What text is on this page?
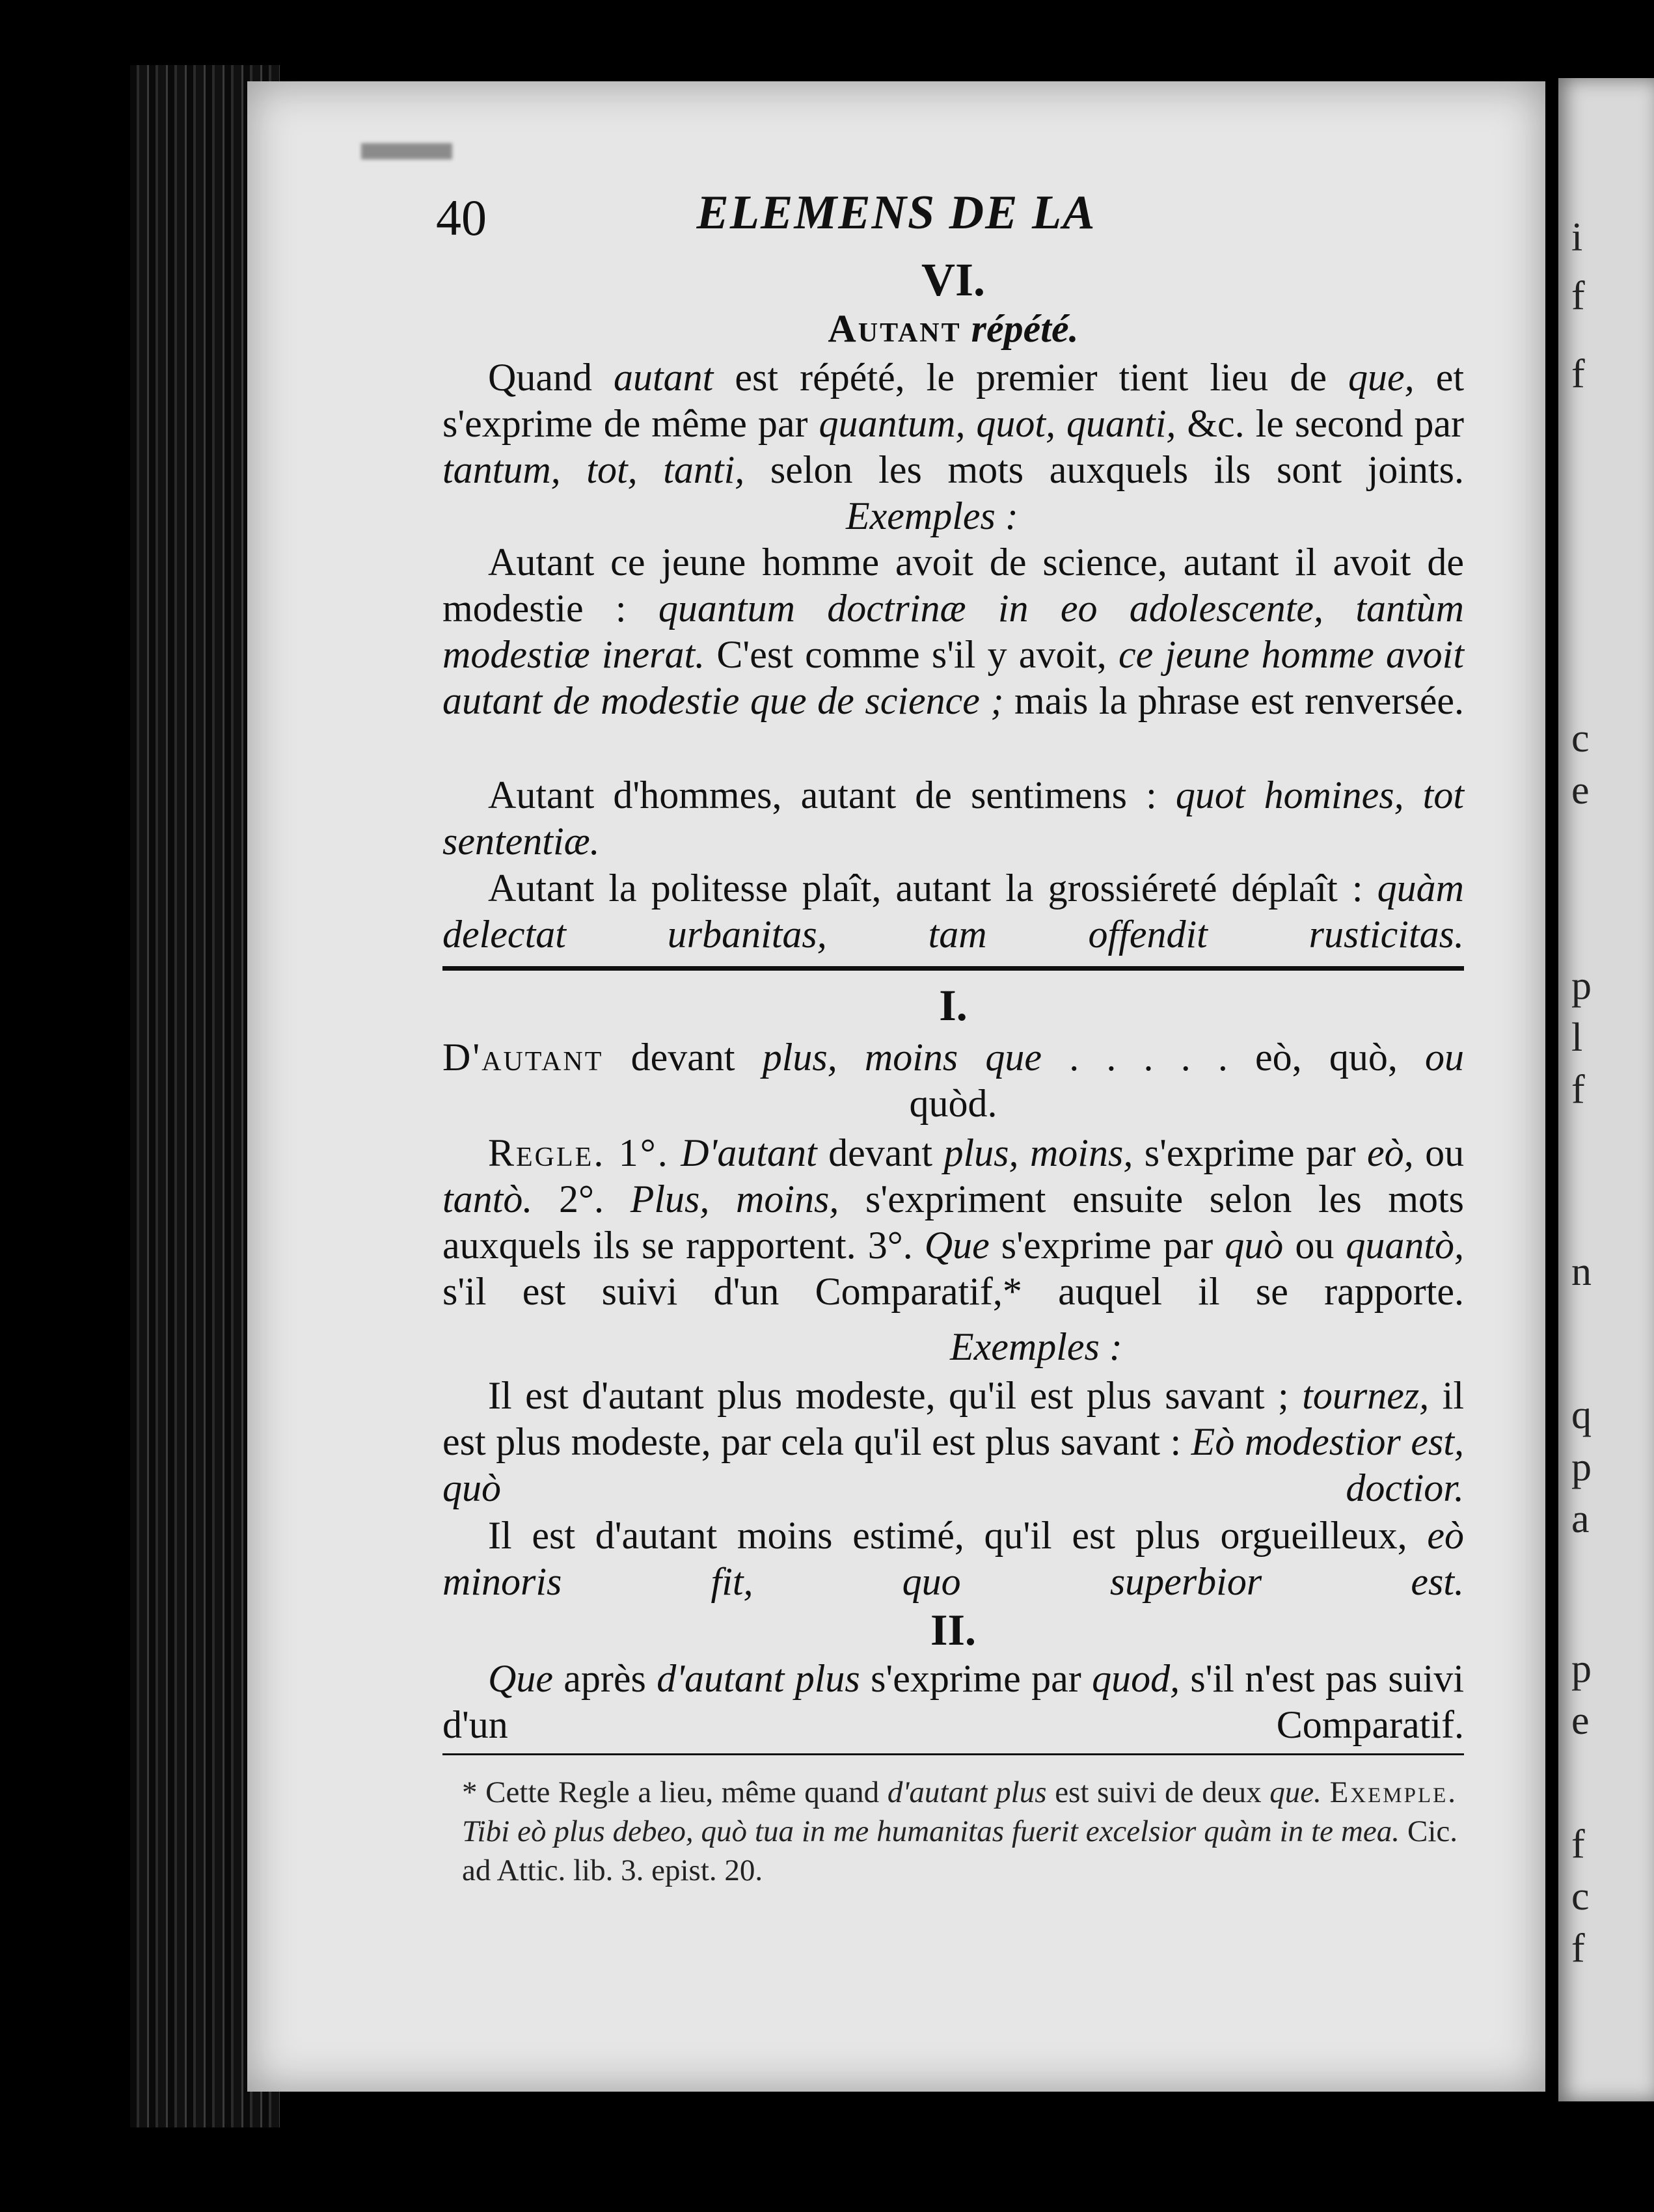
i
f
f
c
e
p
l
f
n
q
p
a
p
e
f
c
f
40	ELEMENS DE LA
VI.
Autant répété.
Quand autant est répété, le premier tient lieu de que, et s'exprime de même par quantum, quot, quanti, &c. le second par tantum, tot, tanti, selon les mots auxquels ils sont joints.
Exemples :
Autant ce jeune homme avoit de science, autant il avoit de modestie : quantum doctrinæ in eo adolescente, tantùm modestiæ inerat. C'est comme s'il y avoit, ce jeune homme avoit autant de modestie que de science ; mais la phrase est renversée.
Autant d'hommes, autant de sentimens : quot homines, tot sententiæ.
Autant la politesse plaît, autant la grossiéreté déplaît : quàm delectat urbanitas, tam offendit rusticitas.
I.
D'autant devant plus, moins que . . . . . eò, quò, ou
quòd.
Regle. 1°. D'autant devant plus, moins, s'exprime par eò, ou tantò. 2°. Plus, moins, s'expriment ensuite selon les mots auxquels ils se rapportent. 3°. Que s'exprime par quò ou quantò, s'il est suivi d'un Comparatif,* auquel il se rapporte.
Exemples :
Il est d'autant plus modeste, qu'il est plus savant ; tournez, il est plus modeste, par cela qu'il est plus savant : Eò modestior est, quò doctior.
Il est d'autant moins estimé, qu'il est plus orgueilleux, eò minoris fit, quo superbior est.
II.
Que après d'autant plus s'exprime par quod, s'il n'est pas suivi d'un Comparatif.
* Cette Regle a lieu, même quand d'autant plus est suivi de deux que. Exemple. Tibi eò plus debeo, quò tua in me humanitas fuerit excelsior quàm in te mea. Cic. ad Attic. lib. 3. epist. 20.
